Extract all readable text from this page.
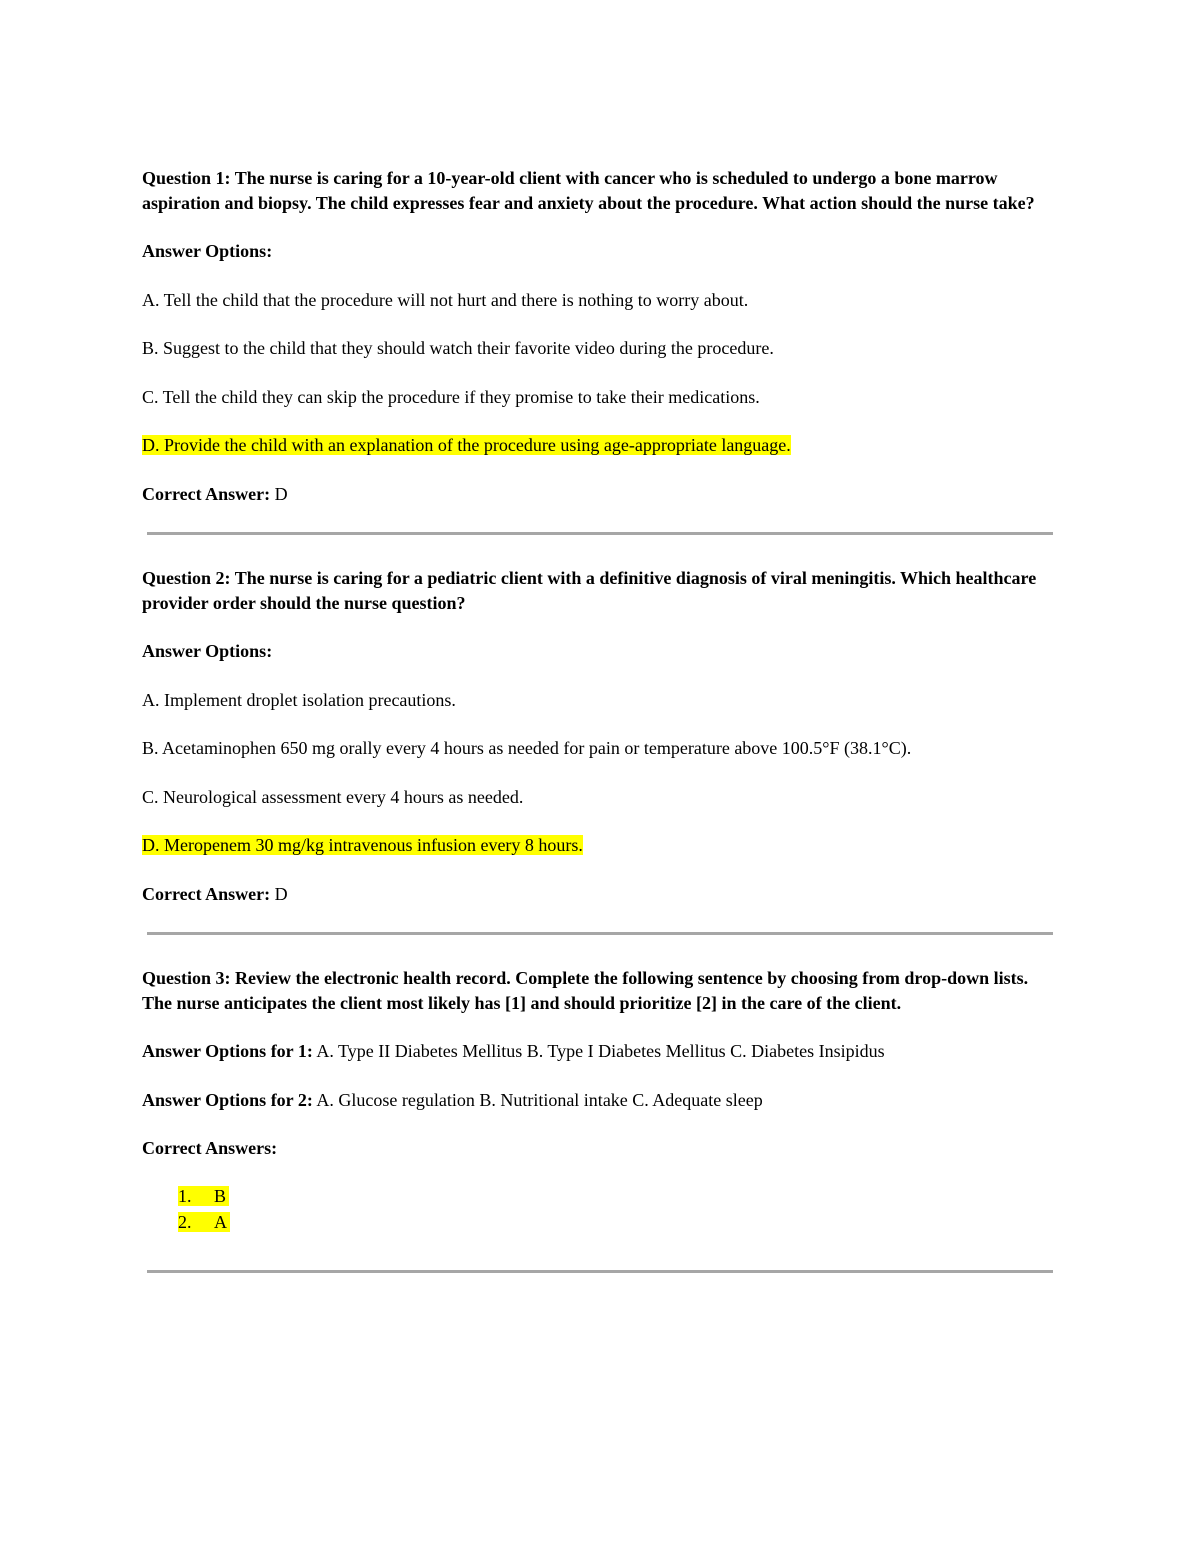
Question 1: The nurse is caring for a 10-year-old client with cancer who is scheduled to undergo a bone marrow aspiration and biopsy. The child expresses fear and anxiety about the procedure. What action should the nurse take?

Answer Options:

A. Tell the child that the procedure will not hurt and there is nothing to worry about.

B. Suggest to the child that they should watch their favorite video during the procedure.

C. Tell the child they can skip the procedure if they promise to take their medications.

D. Provide the child with an explanation of the procedure using age-appropriate language.

Correct Answer: D

Question 2: The nurse is caring for a pediatric client with a definitive diagnosis of viral meningitis. Which healthcare provider order should the nurse question?

Answer Options:

A. Implement droplet isolation precautions.

B. Acetaminophen 650 mg orally every 4 hours as needed for pain or temperature above 100.5°F (38.1°C).

C. Neurological assessment every 4 hours as needed.

D. Meropenem 30 mg/kg intravenous infusion every 8 hours.

Correct Answer: D

Question 3: Review the electronic health record. Complete the following sentence by choosing from drop-down lists. The nurse anticipates the client most likely has [1] and should prioritize [2] in the care of the client.

Answer Options for 1: A. Type II Diabetes Mellitus B. Type I Diabetes Mellitus C. Diabetes Insipidus

Answer Options for 2: A. Glucose regulation B. Nutritional intake C. Adequate sleep

Correct Answers:

1. B
2. A
